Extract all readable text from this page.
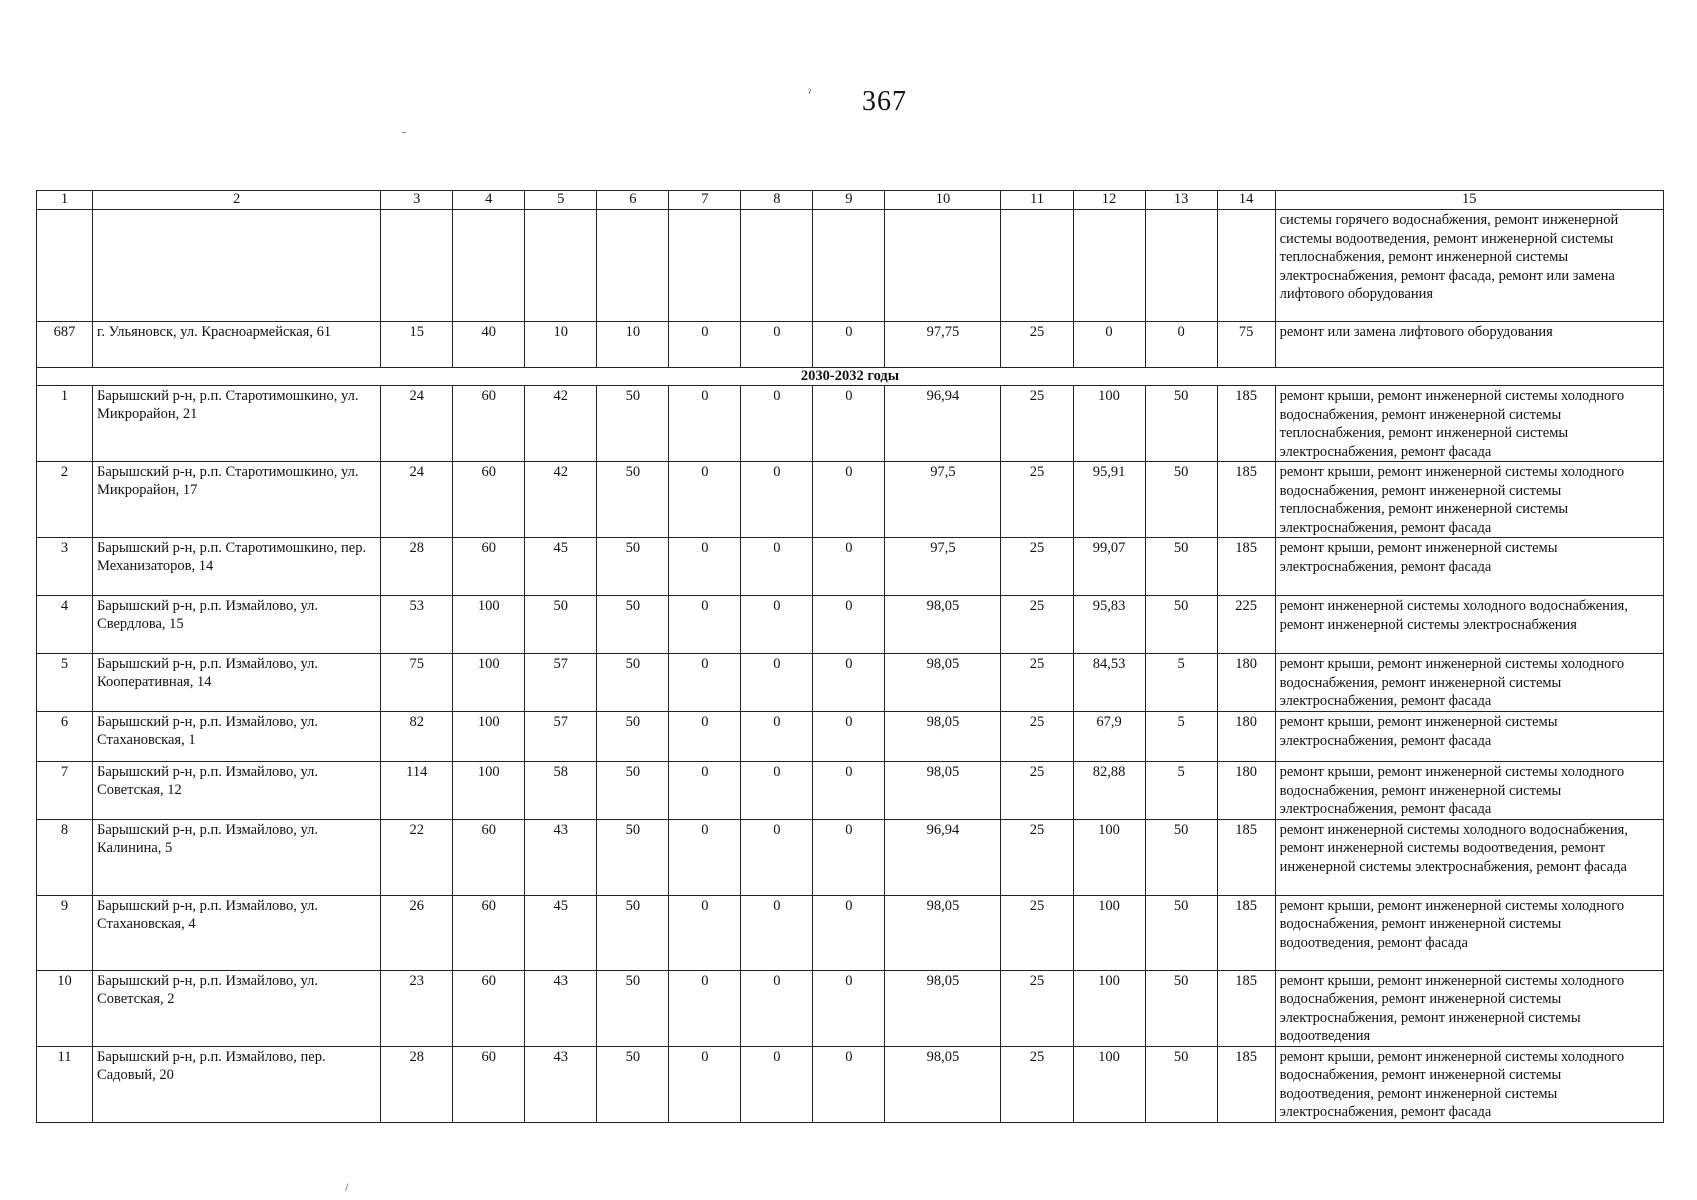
367
ˀ
ˉ
/
1	2	3	4	5	6	7	8	9	10	11	12	13	14	15
														системы горячего водоснабжения, ремонт инженерной системы водоотведения, ремонт инженерной системы теплоснабжения, ремонт инженерной системы электроснабжения, ремонт фасада, ремонт или замена лифтового оборудования
687	г. Ульяновск, ул. Красноармейская, 61	15	40	10	10	0	0	0	97,75	25	0	0	75	ремонт или замена лифтового оборудования
2030-2032 годы														
1	Барышский р-н, р.п. Старотимошкино, ул. Микрорайон, 21	24	60	42	50	0	0	0	96,94	25	100	50	185	ремонт крыши, ремонт инженерной системы холодного водоснабжения, ремонт инженерной системы теплоснабжения, ремонт инженерной системы электроснабжения, ремонт фасада
2	Барышский р-н, р.п. Старотимошкино, ул. Микрорайон, 17	24	60	42	50	0	0	0	97,5	25	95,91	50	185	ремонт крыши, ремонт инженерной системы холодного водоснабжения, ремонт инженерной системы теплоснабжения, ремонт инженерной системы электроснабжения, ремонт фасада
3	Барышский р-н, р.п. Старотимошкино, пер. Механизаторов, 14	28	60	45	50	0	0	0	97,5	25	99,07	50	185	ремонт крыши, ремонт инженерной системы электроснабжения, ремонт фасада
4	Барышский р-н, р.п. Измайлово, ул. Свердлова, 15	53	100	50	50	0	0	0	98,05	25	95,83	50	225	ремонт инженерной системы холодного водоснабжения, ремонт инженерной системы электроснабжения
5	Барышский р-н, р.п. Измайлово, ул. Кооперативная, 14	75	100	57	50	0	0	0	98,05	25	84,53	5	180	ремонт крыши, ремонт инженерной системы холодного водоснабжения, ремонт инженерной системы электроснабжения, ремонт фасада
6	Барышский р-н, р.п. Измайлово, ул. Стахановская, 1	82	100	57	50	0	0	0	98,05	25	67,9	5	180	ремонт крыши, ремонт инженерной системы электроснабжения, ремонт фасада
7	Барышский р-н, р.п. Измайлово, ул. Советская, 12	114	100	58	50	0	0	0	98,05	25	82,88	5	180	ремонт крыши, ремонт инженерной системы холодного водоснабжения, ремонт инженерной системы электроснабжения, ремонт фасада
8	Барышский р-н, р.п. Измайлово, ул. Калинина, 5	22	60	43	50	0	0	0	96,94	25	100	50	185	ремонт инженерной системы холодного водоснабжения, ремонт инженерной системы водоотведения, ремонт инженерной системы электроснабжения, ремонт фасада
9	Барышский р-н, р.п. Измайлово, ул. Стахановская, 4	26	60	45	50	0	0	0	98,05	25	100	50	185	ремонт крыши, ремонт инженерной системы холодного водоснабжения, ремонт инженерной системы водоотведения, ремонт фасада
10	Барышский р-н, р.п. Измайлово, ул. Советская, 2	23	60	43	50	0	0	0	98,05	25	100	50	185	ремонт крыши, ремонт инженерной системы холодного водоснабжения, ремонт инженерной системы электроснабжения, ремонт инженерной системы водоотведения
11	Барышский р-н, р.п. Измайлово, пер. Садовый, 20	28	60	43	50	0	0	0	98,05	25	100	50	185	ремонт крыши, ремонт инженерной системы холодного водоснабжения, ремонт инженерной системы водоотведения, ремонт инженерной системы электроснабжения, ремонт фасада
